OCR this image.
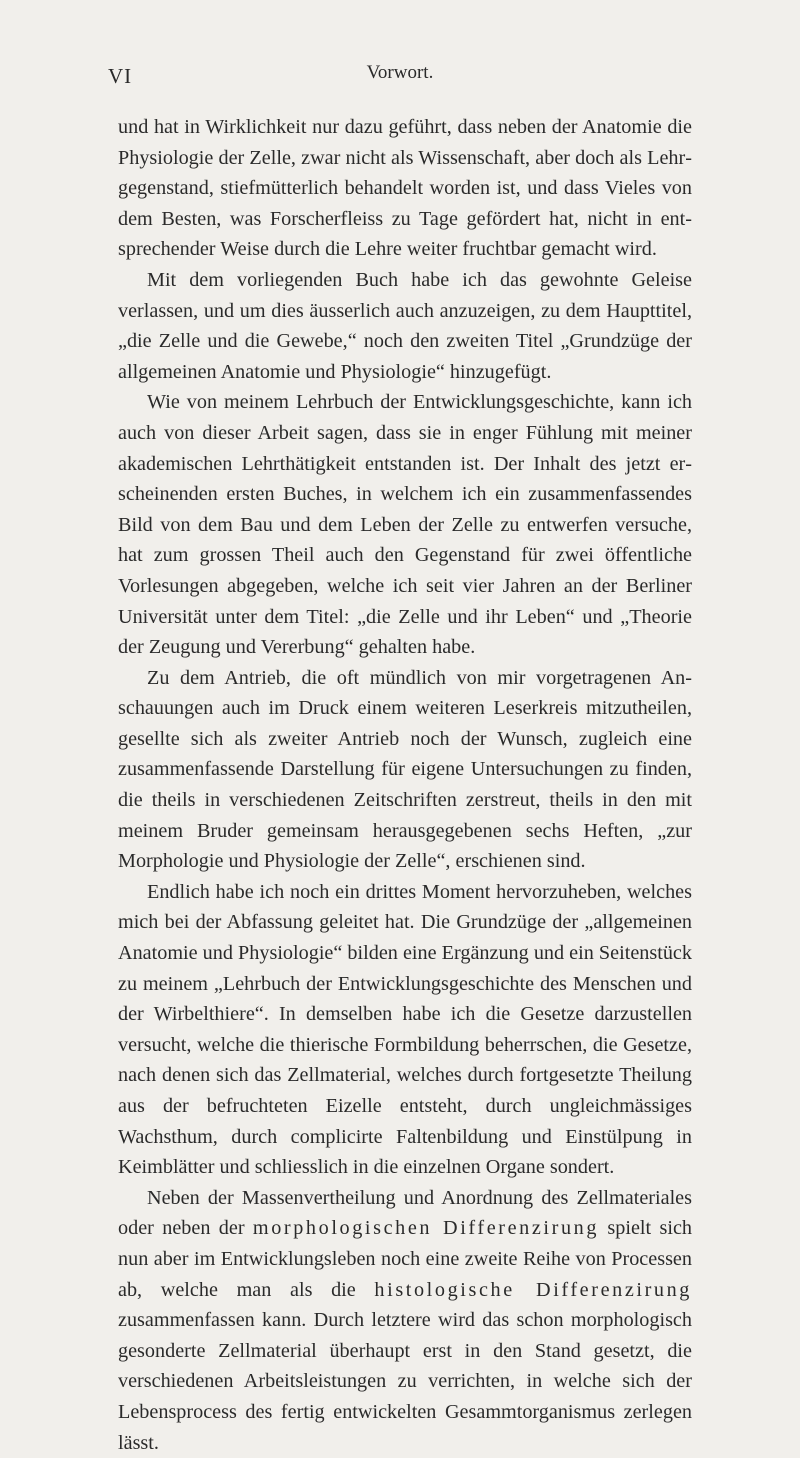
VI	Vorwort.

und hat in Wirklichkeit nur dazu geführt, dass neben der Anatomie die Physiologie der Zelle, zwar nicht als Wissenschaft, aber doch als Lehrgegenstand, stiefmütterlich behandelt worden ist, und dass Vieles von dem Besten, was Forscherfleiss zu Tage gefördert hat, nicht in entsprechender Weise durch die Lehre weiter fruchtbar gemacht wird.

Mit dem vorliegenden Buch habe ich das gewohnte Geleise verlassen, und um dies äusserlich auch anzuzeigen, zu dem Haupttitel, „die Zelle und die Gewebe,“ noch den zweiten Titel „Grundzüge der allgemeinen Anatomie und Physiologie“ hinzugefügt.

Wie von meinem Lehrbuch der Entwicklungsgeschichte, kann ich auch von dieser Arbeit sagen, dass sie in enger Fühlung mit meiner akademischen Lehrthätigkeit entstanden ist. Der Inhalt des jetzt erscheinenden ersten Buches, in welchem ich ein zusammenfassendes Bild von dem Bau und dem Leben der Zelle zu entwerfen versuche, hat zum grossen Theil auch den Gegenstand für zwei öffentliche Vorlesungen abgegeben, welche ich seit vier Jahren an der Berliner Universität unter dem Titel: „die Zelle und ihr Leben“ und „Theorie der Zeugung und Vererbung“ gehalten habe.

Zu dem Antrieb, die oft mündlich von mir vorgetragenen Anschauungen auch im Druck einem weiteren Leserkreis mitzutheilen, gesellte sich als zweiter Antrieb noch der Wunsch, zugleich eine zusammenfassende Darstellung für eigene Untersuchungen zu finden, die theils in verschiedenen Zeitschriften zerstreut, theils in den mit meinem Bruder gemeinsam herausgegebenen sechs Heften, „zur Morphologie und Physiologie der Zelle“, erschienen sind.

Endlich habe ich noch ein drittes Moment hervorzuheben, welches mich bei der Abfassung geleitet hat. Die Grundzüge der „allgemeinen Anatomie und Physiologie“ bilden eine Ergänzung und ein Seitenstück zu meinem „Lehrbuch der Entwicklungsgeschichte des Menschen und der Wirbelthiere“. In demselben habe ich die Gesetze darzustellen versucht, welche die thierische Formbildung beherrschen, die Gesetze, nach denen sich das Zellmaterial, welches durch fortgesetzte Theilung aus der befruchteten Eizelle entsteht, durch ungleichmässiges Wachsthum, durch complicirte Faltenbildung und Einstülpung in Keimblätter und schliesslich in die einzelnen Organe sondert.

Neben der Massenvertheilung und Anordnung des Zellmateriales oder neben der morphologischen Differenzirung spielt sich nun aber im Entwicklungsleben noch eine zweite Reihe von Processen ab, welche man als die histologische Differenzirung zusammenfassen kann. Durch letztere wird das schon morphologisch gesonderte Zellmaterial überhaupt erst in den Stand gesetzt, die verschiedenen Arbeitsleistungen zu verrichten, in welche sich der Lebensprocess des fertig entwickelten Gesammtorganismus zerlegen lässt.
